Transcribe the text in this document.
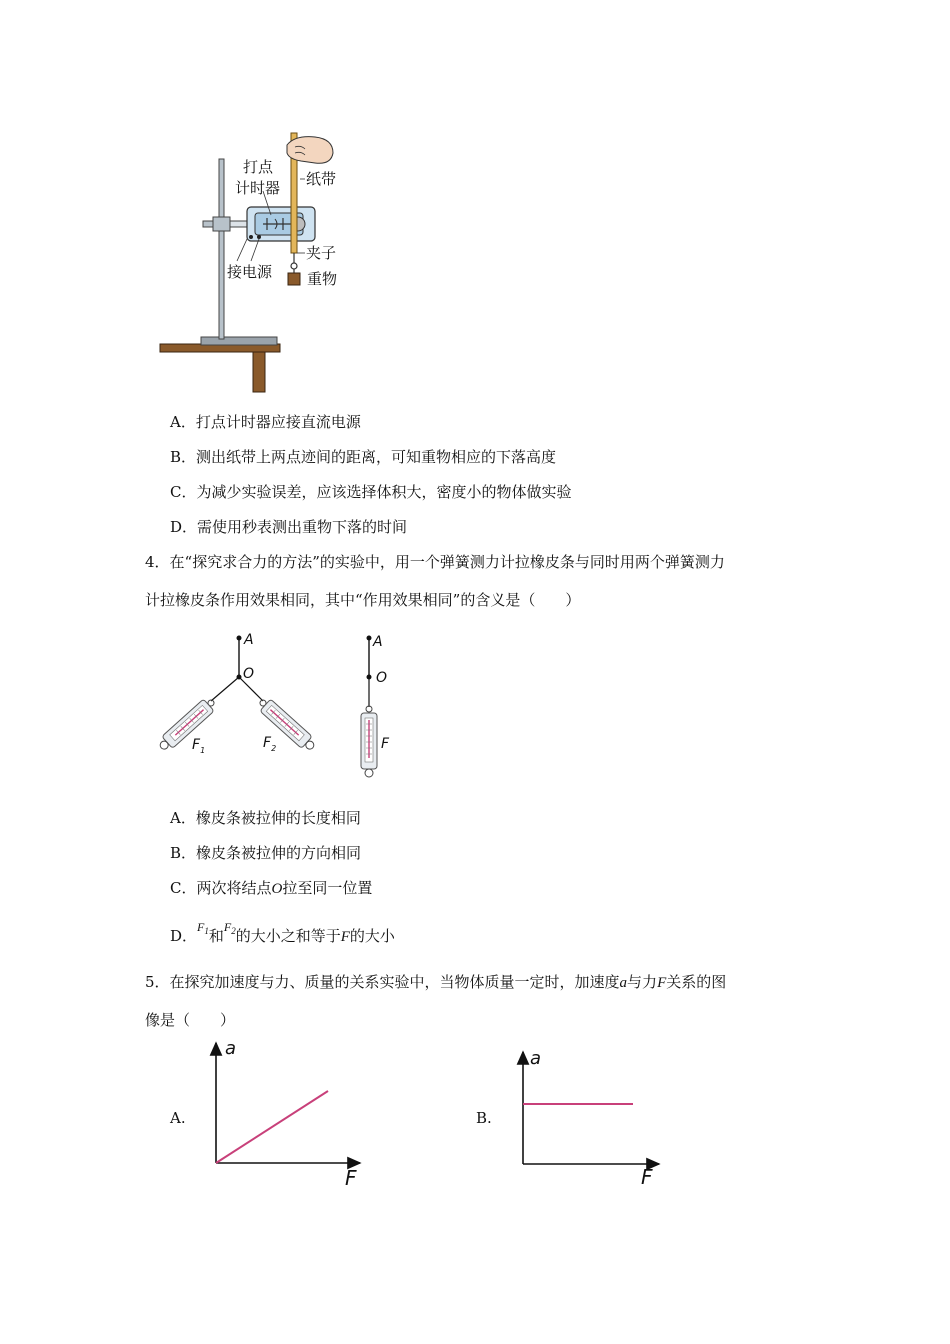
打点
计时器 纸带
夹子
接电源 重物
A．打点计时器应接直流电源
B．测出纸带上两点迹间的距离，可知重物相应的下落高度
C．为减少实验误差，应该选择体积大，密度小的物体做实验
D．需使用秒表测出重物下落的时间
4．在“探究求合力的方法”的实验中，用一个弹簧测力计拉橡皮条与同时用两个弹簧测力
计拉橡皮条作用效果相同，其中“作用效果相同”的含义是（　　）
A
O
$F_1$	$F_2$
A
O
F
A．橡皮条被拉伸的长度相同
B．橡皮条被拉伸的方向相同
C．两次将结点O拉至同一位置
D．$^{F_1}$和$^{F_2}$的大小之和等于F的大小
5．在探究加速度与力、质量的关系实验中，当物体质量一定时，加速度a与力F关系的图
像是（　　）
A.
a
F
B.
a
F
